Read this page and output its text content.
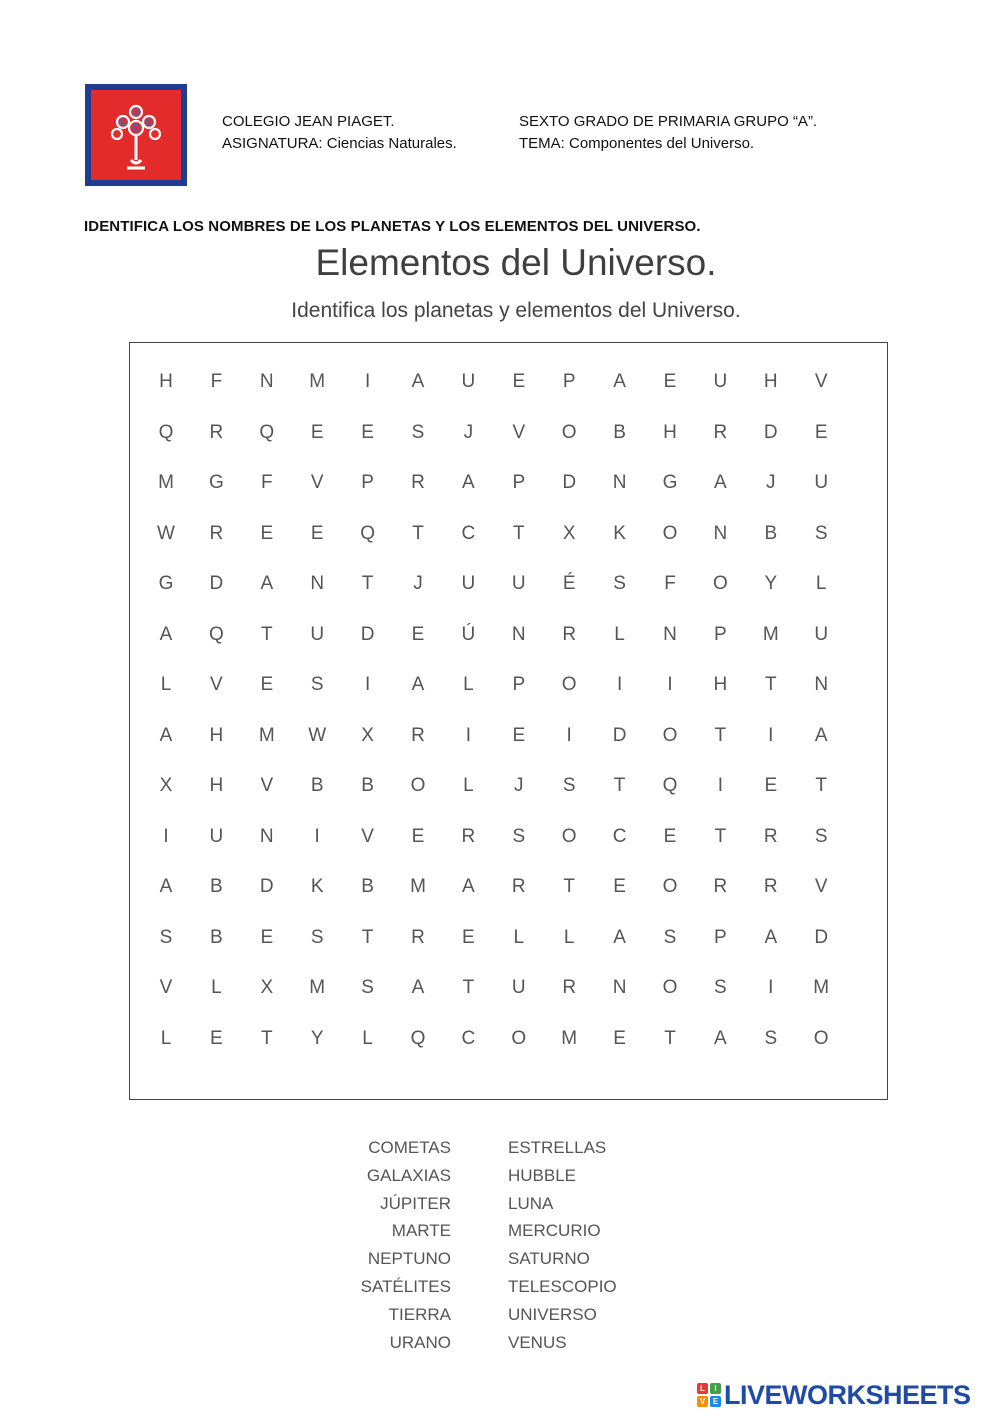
COLEGIO JEAN PIAGET.
ASIGNATURA: Ciencias Naturales.
SEXTO GRADO DE PRIMARIA GRUPO “A”.
TEMA: Componentes del Universo.
IDENTIFICA LOS NOMBRES DE LOS PLANETAS Y LOS ELEMENTOS DEL UNIVERSO.
Elementos del Universo.
Identifica los planetas y elementos del Universo.
H	F	N	M	I	A	U	E	P	A	E	U	H	V
Q	R	Q	E	E	S	J	V	O	B	H	R	D	E
M	G	F	V	P	R	A	P	D	N	G	A	J	U
W	R	E	E	Q	T	C	T	X	K	O	N	B	S
G	D	A	N	T	J	U	U	É	S	F	O	Y	L
A	Q	T	U	D	E	Ú	N	R	L	N	P	M	U
L	V	E	S	I	A	L	P	O	I	I	H	T	N
A	H	M	W	X	R	I	E	I	D	O	T	I	A
X	H	V	B	B	O	L	J	S	T	Q	I	E	T
I	U	N	I	V	E	R	S	O	C	E	T	R	S
A	B	D	K	B	M	A	R	T	E	O	R	R	V
S	B	E	S	T	R	E	L	L	A	S	P	A	D
V	L	X	M	S	A	T	U	R	N	O	S	I	M
L	E	T	Y	L	Q	C	O	M	E	T	A	S	O
COMETAS
GALAXIAS
JÚPITER
MARTE
NEPTUNO
SATÉLITES
TIERRA
URANO
ESTRELLAS
HUBBLE
LUNA
MERCURIO
SATURNO
TELESCOPIO
UNIVERSO
VENUS
L	I
V E LIVEWORKSHEETS
